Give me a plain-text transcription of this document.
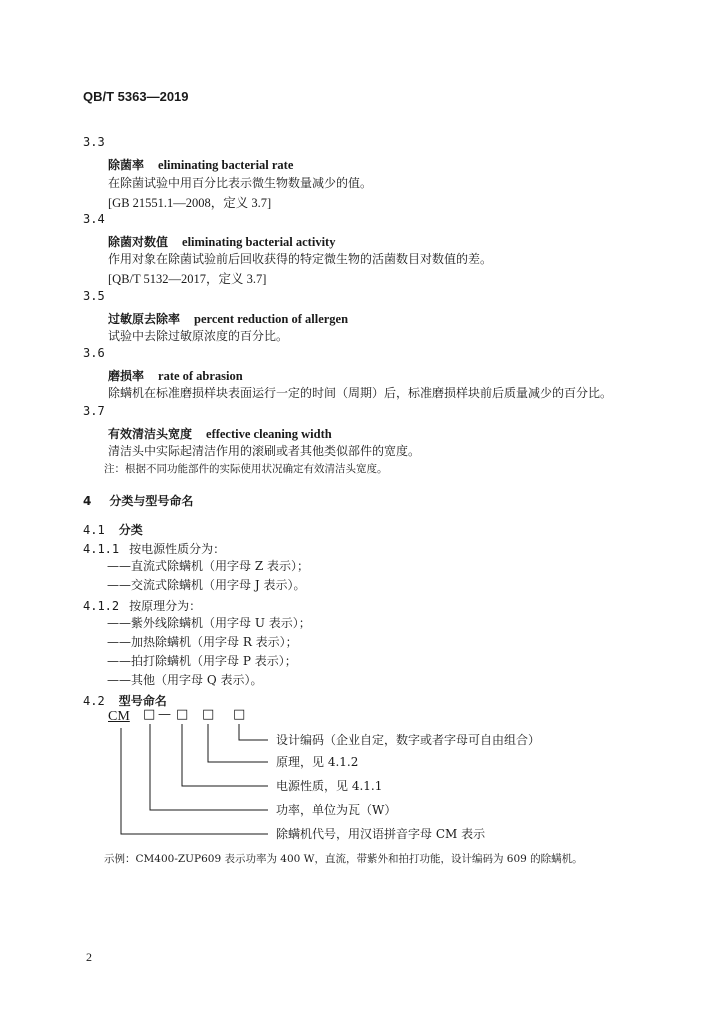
QB/T 5363—2019
3.3
除菌率 eliminating bacterial rate
在除菌试验中用百分比表示微生物数量减少的值。
[GB 21551.1—2008，定义 3.7]
3.4
除菌对数值 eliminating bacterial activity
作用对象在除菌试验前后回收获得的特定微生物的活菌数目对数值的差。
[QB/T 5132—2017，定义 3.7]
3.5
过敏原去除率 percent reduction of allergen
试验中去除过敏原浓度的百分比。
3.6
磨损率 rate of abrasion
除螨机在标准磨损样块表面运行一定的时间（周期）后，标准磨损样块前后质量减少的百分比。
3.7
有效清洁头宽度 effective cleaning width
清洁头中实际起清洁作用的滚刷或者其他类似部件的宽度。
注：根据不同功能部件的实际使用状况确定有效清洁头宽度。
4 分类与型号命名
4.1 分类
4.1.1 按电源性质分为：
——直流式除螨机（用字母 Z 表示）；
——交流式除螨机（用字母 J 表示）。
4.1.2 按原理分为：
——紫外线除螨机（用字母 U 表示）；
——加热除螨机（用字母 R 表示）；
——拍打除螨机（用字母 P 表示）；
——其他（用字母 Q 表示）。
4.2 型号命名
CM □ — □ □ □
设计编码（企业自定，数字或者字母可自由组合）
原理，见 4.1.2
电源性质，见 4.1.1
功率，单位为瓦（W）
除螨机代号，用汉语拼音字母 CM 表示
示例：CM400-ZUP609 表示功率为 400 W，直流，带紫外和拍打功能，设计编码为 609 的除螨机。
2
